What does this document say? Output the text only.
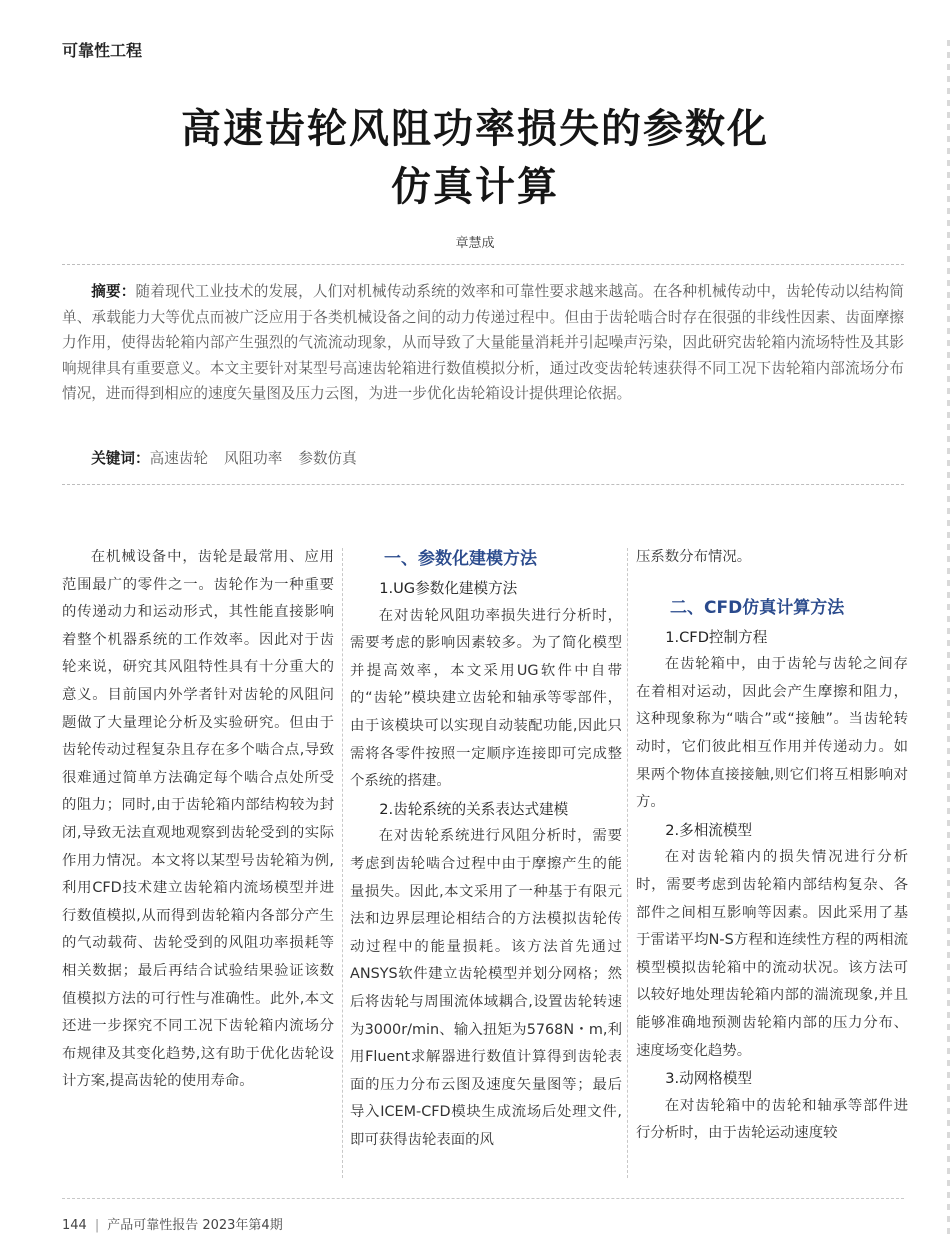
可靠性工程
高速齿轮风阻功率损失的参数化
仿真计算
章慧成

摘要：随着现代工业技术的发展，人们对机械传动系统的效率和可靠性要求越来越高。在各种机械传动中，齿轮传动以结构简单、承载能力大等优点而被广泛应用于各类机械设备之间的动力传递过程中。但由于齿轮啮合时存在很强的非线性因素、齿面摩擦力作用，使得齿轮箱内部产生强烈的气流流动现象，从而导致了大量能量消耗并引起噪声污染，因此研究齿轮箱内流场特性及其影响规律具有重要意义。本文主要针对某型号高速齿轮箱进行数值模拟分析，通过改变齿轮转速获得不同工况下齿轮箱内部流场分布情况，进而得到相应的速度矢量图及压力云图，为进一步优化齿轮箱设计提供理论依据。

关键词：高速齿轮 风阻功率 参数仿真

在机械设备中，齿轮是最常用、应用范围最广的零件之一。齿轮作为一种重要的传递动力和运动形式，其性能直接影响着整个机器系统的工作效率。因此对于齿轮来说，研究其风阻特性具有十分重大的意义。目前国内外学者针对齿轮的风阻问题做了大量理论分析及实验研究。但由于齿轮传动过程复杂且存在多个啮合点,导致很难通过简单方法确定每个啮合点处所受的阻力；同时,由于齿轮箱内部结构较为封闭,导致无法直观地观察到齿轮受到的实际作用力情况。本文将以某型号齿轮箱为例,利用CFD技术建立齿轮箱内流场模型并进行数值模拟,从而得到齿轮箱内各部分产生的气动载荷、齿轮受到的风阻功率损耗等相关数据；最后再结合试验结果验证该数值模拟方法的可行性与准确性。此外,本文还进一步探究不同工况下齿轮箱内流场分布规律及其变化趋势,这有助于优化齿轮设计方案,提高齿轮的使用寿命。

一、参数化建模方法
1.UG参数化建模方法

在对齿轮风阻功率损失进行分析时，需要考虑的影响因素较多。为了简化模型并提高效率，本文采用UG软件中自带的“齿轮”模块建立齿轮和轴承等零部件，由于该模块可以实现自动装配功能,因此只需将各零件按照一定顺序连接即可完成整个系统的搭建。

2.齿轮系统的关系表达式建模

在对齿轮系统进行风阻分析时，需要考虑到齿轮啮合过程中由于摩擦产生的能量损失。因此,本文采用了一种基于有限元法和边界层理论相结合的方法模拟齿轮传动过程中的能量损耗。该方法首先通过ANSYS软件建立齿轮模型并划分网格；然后将齿轮与周围流体域耦合,设置齿轮转速为3000r/min、输入扭矩为5768N・m,利用Fluent求解器进行数值计算得到齿轮表面的压力分布云图及速度矢量图等；最后导入ICEM-CFD模块生成流场后处理文件,即可获得齿轮表面的风

压系数分布情况。

二、CFD仿真计算方法
1.CFD控制方程

在齿轮箱中，由于齿轮与齿轮之间存在着相对运动，因此会产生摩擦和阻力，这种现象称为“啮合”或“接触”。当齿轮转动时，它们彼此相互作用并传递动力。如果两个物体直接接触,则它们将互相影响对方。

2.多相流模型

在对齿轮箱内的损失情况进行分析时，需要考虑到齿轮箱内部结构复杂、各部件之间相互影响等因素。因此采用了基于雷诺平均N-S方程和连续性方程的两相流模型模拟齿轮箱中的流动状况。该方法可以较好地处理齿轮箱内部的湍流现象,并且能够准确地预测齿轮箱内部的压力分布、速度场变化趋势。

3.动网格模型

在对齿轮箱中的齿轮和轴承等部件进行分析时，由于齿轮运动速度较

144 | 产品可靠性报告 2023年第4期
